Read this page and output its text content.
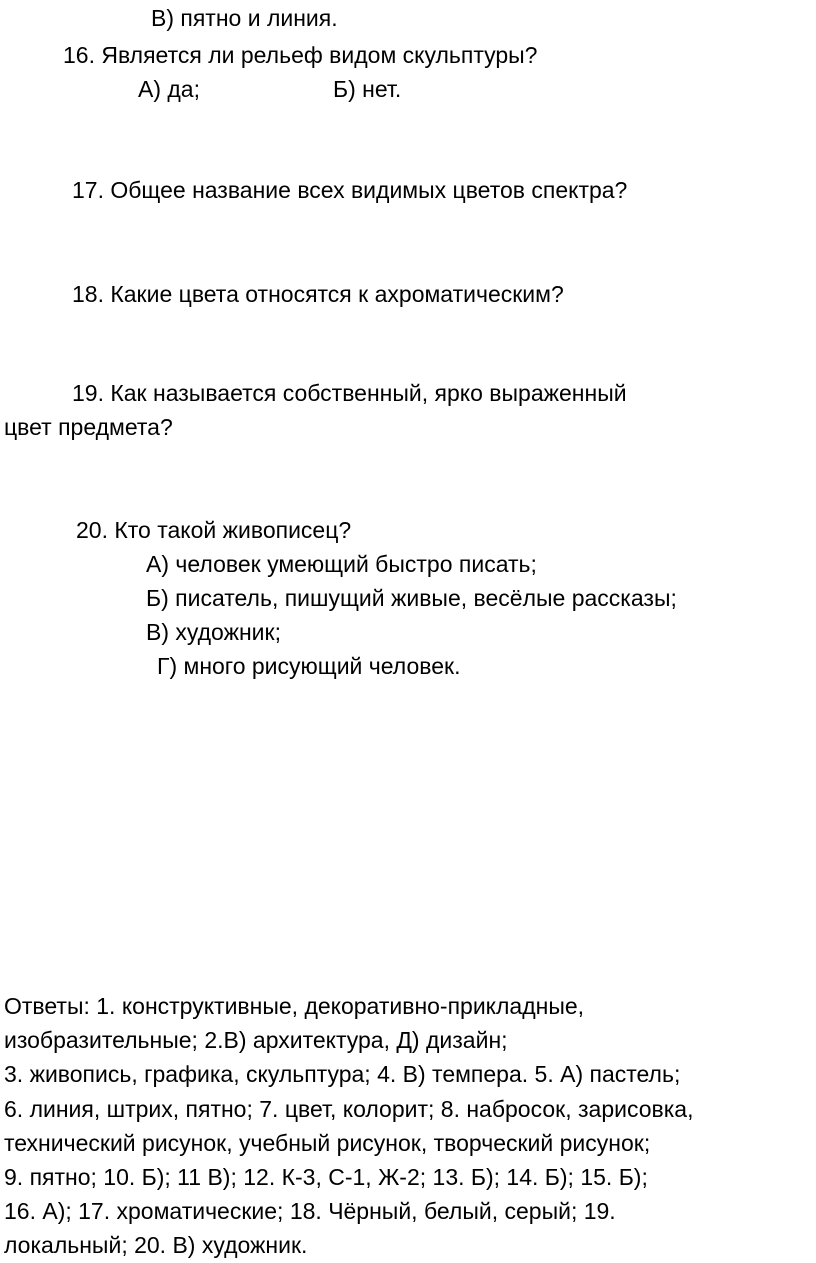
В) пятно и линия.
16. Является ли рельеф видом скульптуры?
А) да;	Б) нет.
17. Общее название всех видимых цветов спектра?
18. Какие цвета относятся к ахроматическим?
19. Как называется собственный, ярко выраженный
цвет предмета?
20. Кто такой живописец?
А) человек умеющий быстро писать;
Б) писатель, пишущий живые, весёлые рассказы;
В) художник;
Г) много рисующий человек.
Ответы: 1. конструктивные, декоративно-прикладные,
изобразительные; 2.В) архитектура, Д) дизайн;
3. живопись, графика, скульптура; 4. В) темпера. 5. А) пастель;
6. линия, штрих, пятно; 7. цвет, колорит; 8. набросок, зарисовка,
технический рисунок, учебный рисунок, творческий рисунок;
9. пятно; 10. Б); 11 В); 12. К-3, С-1, Ж-2; 13. Б); 14. Б); 15. Б);
16. А); 17. хроматические; 18. Чёрный, белый, серый; 19.
локальный; 20. В) художник.
